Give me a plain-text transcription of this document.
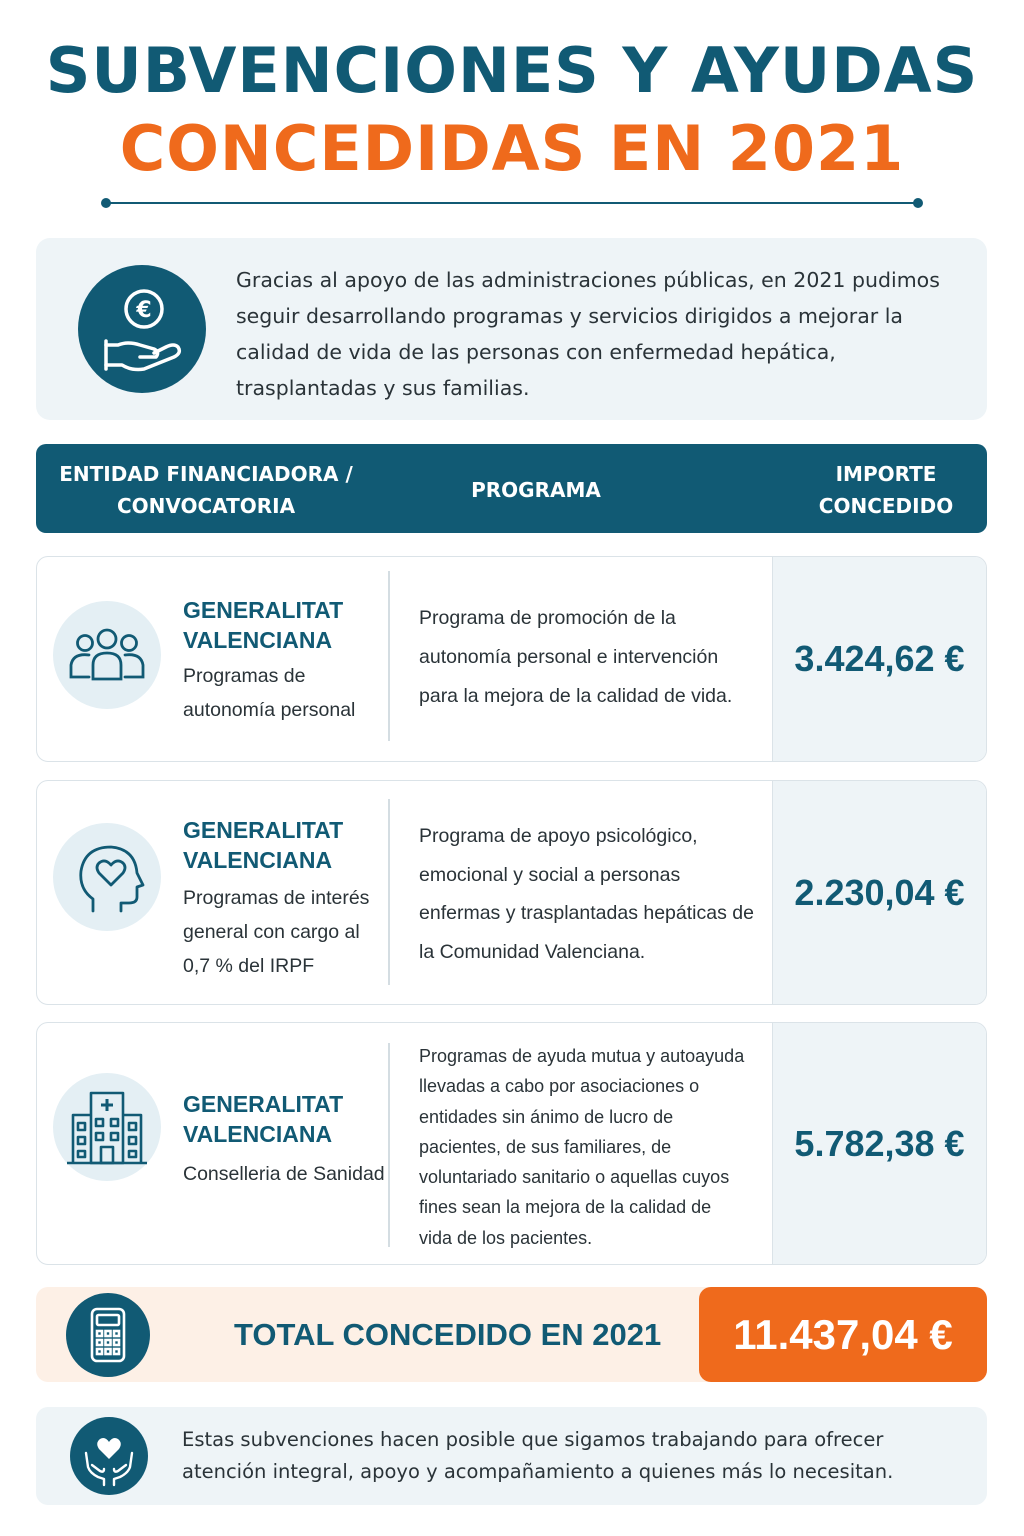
SUBVENCIONES Y AYUDAS
CONCEDIDAS EN 2021
€
Gracias al apoyo de las administraciones públicas, en 2021 pudimos seguir desarrollando programas y servicios dirigidos a mejorar la calidad de vida de las personas con enfermedad hepática, trasplantadas y sus familias.
ENTIDAD FINANCIADORA / CONVOCATORIA
PROGRAMA
IMPORTE CONCEDIDO
GENERALITAT VALENCIANA
Programas de autonomía personal
Programa de promoción de la autonomía personal e intervención para la mejora de la calidad de vida.
3.424,62 €
GENERALITAT VALENCIANA
Programas de interés general con cargo al 0,7 % del IRPF
Programa de apoyo psicológico, emocional y social a personas enfermas y trasplantadas hepáticas de la Comunidad Valenciana.
2.230,04 €
GENERALITAT VALENCIANA
Conselleria de Sanidad
Programas de ayuda mutua y autoayuda llevadas a cabo por asociaciones o entidades sin ánimo de lucro de pacientes, de sus familiares, de voluntariado sanitario o aquellas cuyos fines sean la mejora de la calidad de vida de los pacientes.
5.782,38 €
TOTAL CONCEDIDO EN 2021	11.437,04 €
Estas subvenciones hacen posible que sigamos trabajando para ofrecer atención integral, apoyo y acompañamiento a quienes más lo necesitan.
